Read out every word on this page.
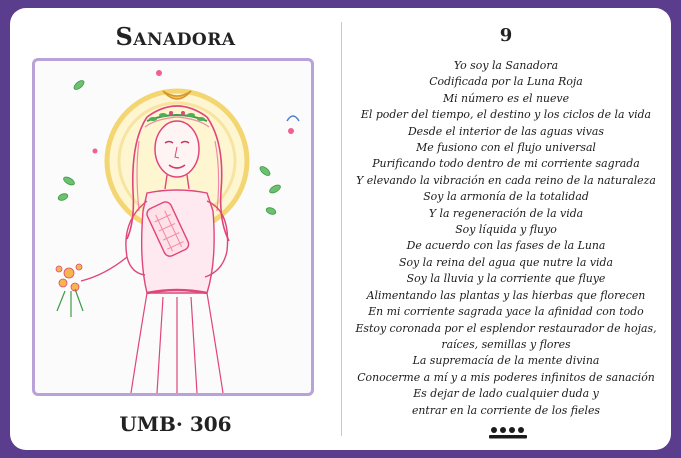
Sanadora
UMB· 306
9
Yo soy la Sanadora
Codificada por la Luna Roja
Mi número es el nueve
El poder del tiempo, el destino y los ciclos de la vida
Desde el interior de las aguas vivas
Me fusiono con el flujo universal
Purificando todo dentro de mi corriente sagrada
Y elevando la vibración en cada reino de la naturaleza
Soy la armonía de la totalidad
Y la regeneración de la vida
Soy líquida y fluyo
De acuerdo con las fases de la Luna
Soy la reina del agua que nutre la vida
Soy la lluvia y la corriente que fluye
Alimentando las plantas y las hierbas que florecen
En mi corriente sagrada yace la afinidad con todo
Estoy coronada por el esplendor restaurador de hojas,
raíces, semillas y flores
La supremacía de la mente divina
Conocerme a mí y a mis poderes infinitos de sanación
Es dejar de lado cualquier duda y
entrar en la corriente de los fieles
